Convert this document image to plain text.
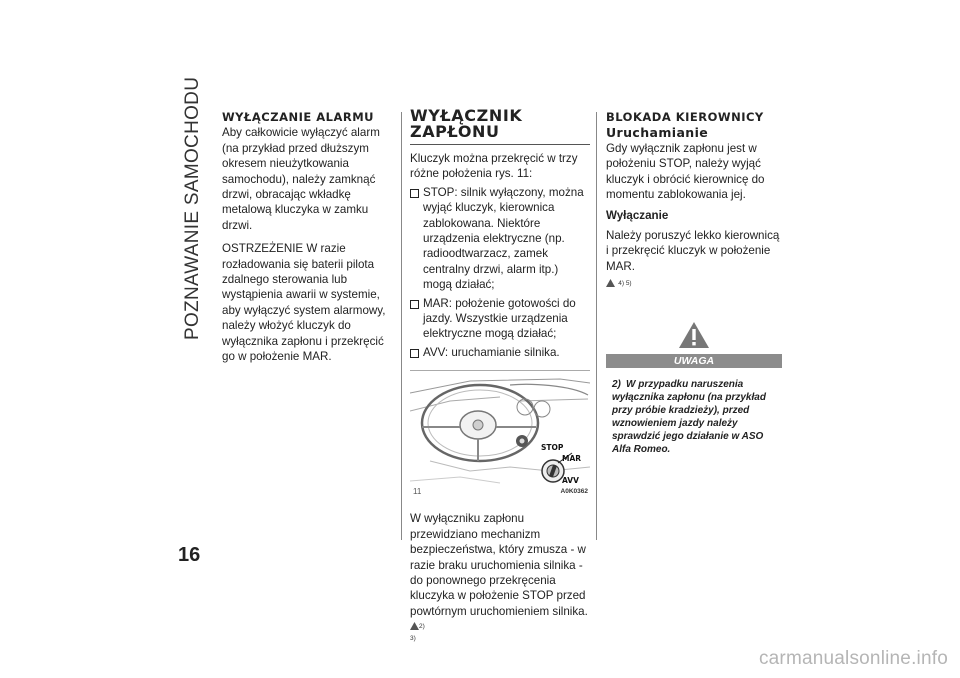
POZNAWANIE SAMOCHODU	WYŁĄCZANIE ALARMU

Aby całkowicie wyłączyć alarm (na przykład przed dłuższym okresem nieużytkowania samochodu), należy zamknąć drzwi, obracając wkładkę metalową kluczyka w zamku drzwi.

OSTRZEŻENIE W razie rozładowania się baterii pilota zdalnego sterowania lub wystąpienia awarii w systemie, aby wyłączyć system alarmowy, należy włożyć kluczyk do wyłącznika zapłonu i przekręcić go w położenie MAR.

WYŁĄCZNIK

ZAPŁONU

Kluczyk można przekręcić w trzy różne położenia rys. 11:

STOP: silnik wyłączony, można wyjąć kluczyk, kierownica zablokowana. Niektóre urządzenia elektryczne (np. radioodtwarzacz, zamek centralny drzwi, alarm itp.) mogą działać;

MAR: położenie gotowości do jazdy. Wszystkie urządzenia elektryczne mogą działać;

AVV: uruchamianie silnika.

STOP
MAR
AVV
11	A0K0362

W wyłączniku zapłonu przewidziano mechanizm bezpieczeństwa, który zmusza - w razie braku uruchomienia silnika - do ponownego przekręcenia kluczyka w położenie STOP przed powtórnym uruchomieniem silnika. 2)

3)

BLOKADA KIEROWNICY

Uruchamianie

Gdy wyłącznik zapłonu jest w położeniu STOP, należy wyjąć kluczyk i obrócić kierownicę do momentu zablokowania jej.

Wyłączanie

Należy poruszyć lekko kierownicą i przekręcić kluczyk w położenie MAR.

4) 5)

UWAGA
2) W przypadku naruszenia wyłącznika zapłonu (na przykład przy próbie kradzieży), przed wznowieniem jazdy należy sprawdzić jego działanie w ASO Alfa Romeo.
16
carmanualsonline.info
